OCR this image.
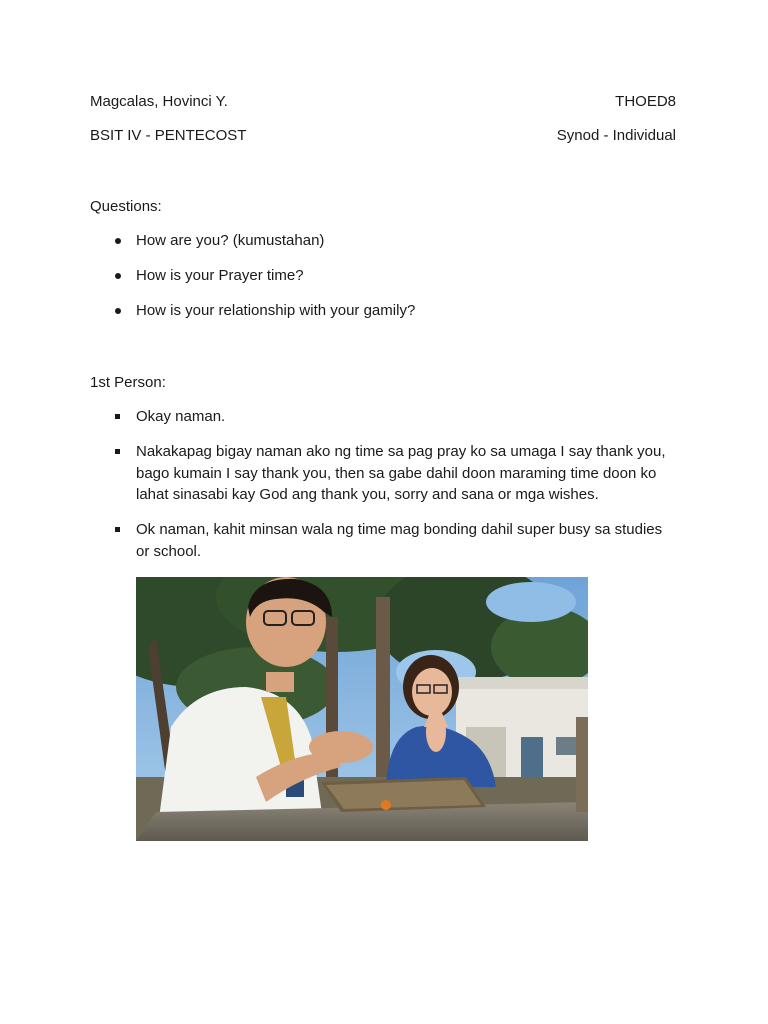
Magcalas, Hovinci Y.	THOED8
BSIT IV - PENTECOST	Synod - Individual
Questions:
How are you? (kumustahan)
How is your Prayer time?
How is your relationship with your gamily?
1st Person:
Okay naman.
Nakakapag bigay naman ako ng time sa pag pray ko sa umaga I say thank you, bago kumain I say thank you, then sa gabe dahil doon maraming time doon ko lahat sinasabi kay God ang thank you, sorry and sana or mga wishes.
Ok naman, kahit minsan wala ng time mag bonding dahil super busy sa studies or school.
